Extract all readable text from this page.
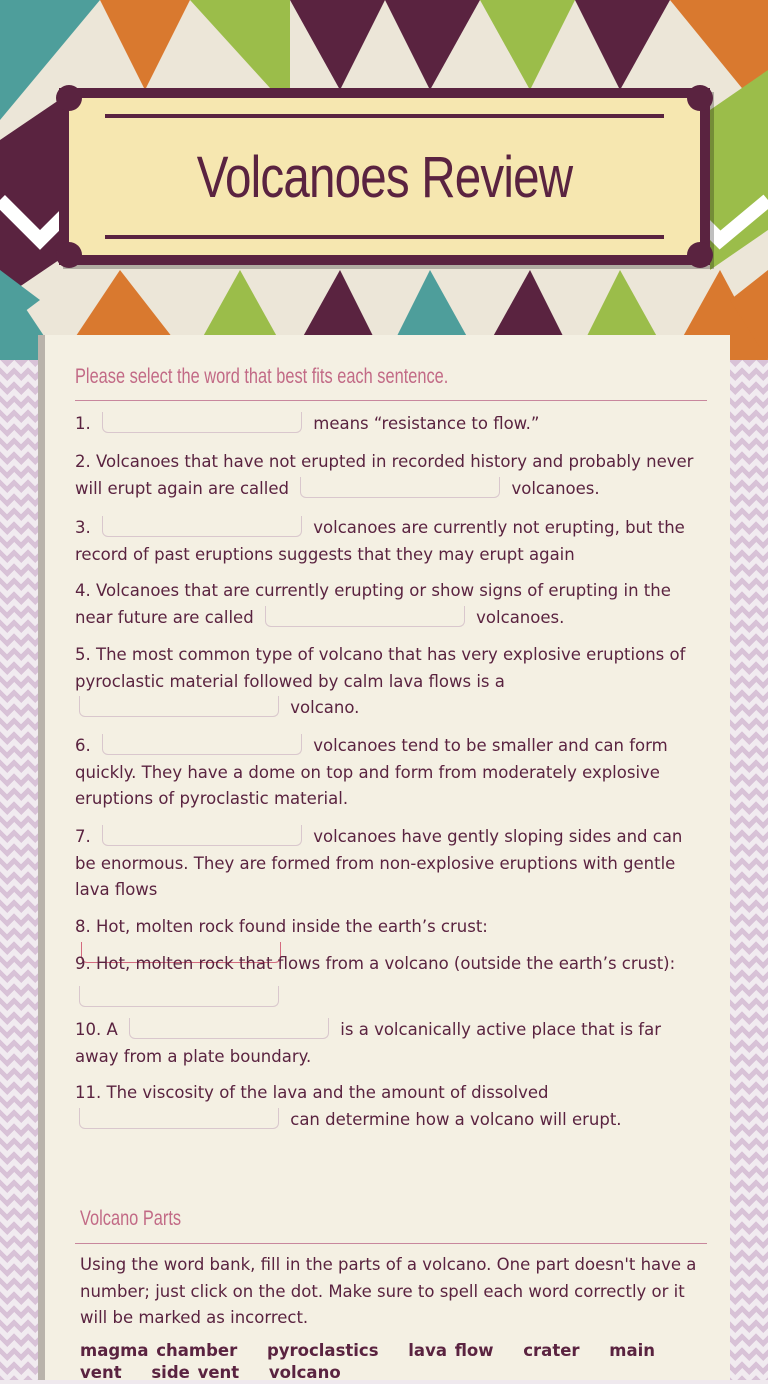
Volcanoes Review
Please select the word that best fits each sentence.
1.	means “resistance to flow.”
2. Volcanoes that have not erupted in recorded history and probably never will erupt again are called	volcanoes.
3.	volcanoes are currently not erupting, but the record of past eruptions suggests that they may erupt again
4. Volcanoes that are currently erupting or show signs of erupting in the near future are called	volcanoes.
5. The most common type of volcano that has very explosive eruptions of pyroclastic material followed by calm lava flows is a
volcano.
6.	volcanoes tend to be smaller and can form quickly. They have a dome on top and form from moderately explosive eruptions of pyroclastic material.
7.	volcanoes have gently sloping sides and can be enormous. They are formed from non-explosive eruptions with gentle lava flows
8. Hot, molten rock found inside the earth’s crust:
9. Hot, molten rock that flows from a volcano (outside the earth’s crust):

10. A	is a volcanically active place that is far away from a plate boundary.
11. The viscosity of the lava and the amount of dissolved
can determine how a volcano will erupt.
Volcano Parts
Using the word bank, fill in the parts of a volcano. One part doesn't have a number; just click on the dot. Make sure to spell each word correctly or it will be marked as incorrect.
magma chamber pyroclastics lava flow crater main vent side vent volcano
